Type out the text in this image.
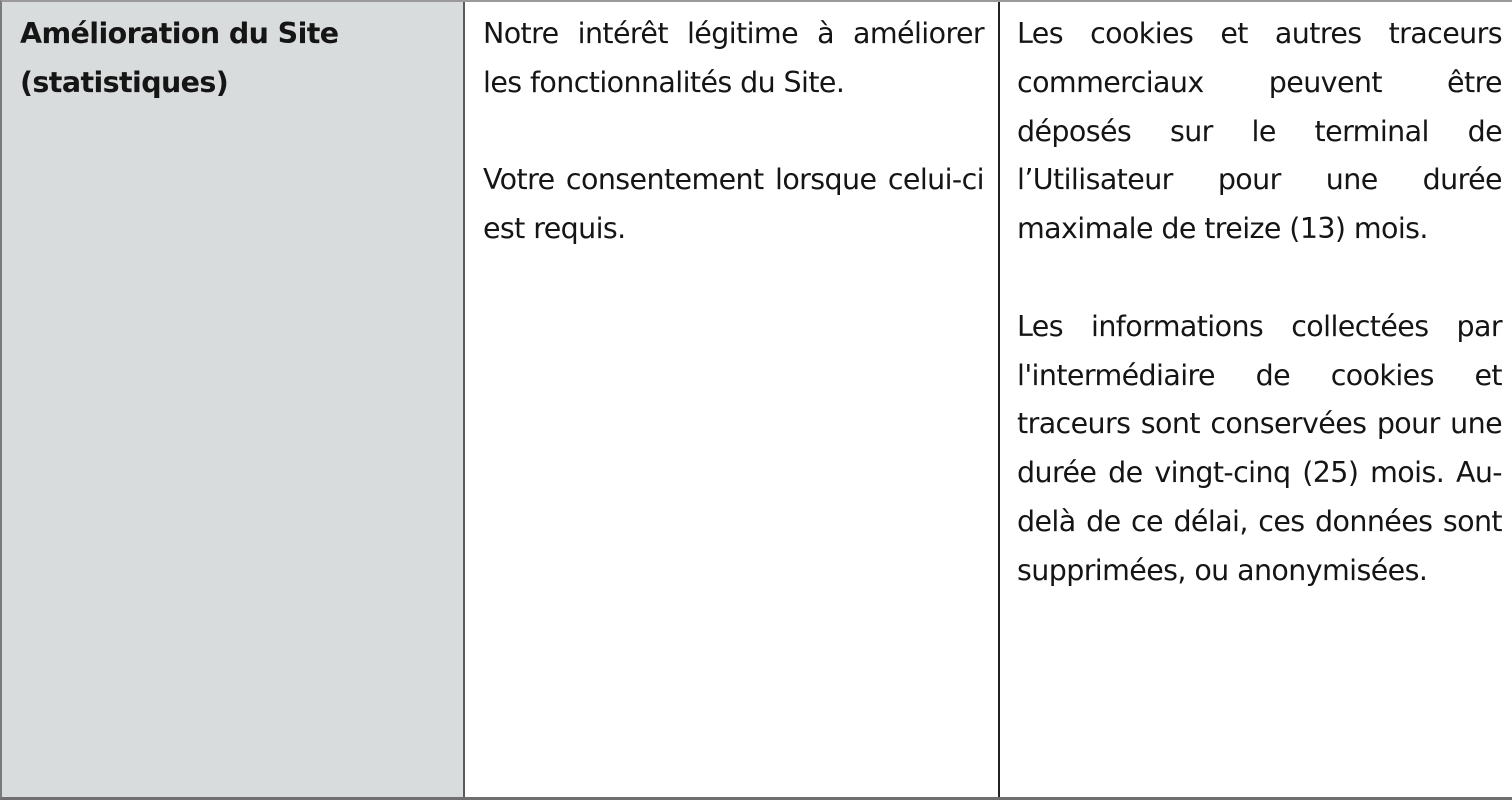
Amélioration du Site (statistiques)

Notre intérêt légitime à améliorer les fonctionnalités du Site.

Votre consentement lorsque celui-ci est requis.

Les cookies et autres traceurs commerciaux peuvent être déposés sur le terminal de l’Utilisateur pour une durée maximale de treize (13) mois.

Les informations collectées par l'intermédiaire de cookies et traceurs sont conservées pour une durée de vingt-cinq (25) mois. Au-delà de ce délai, ces données sont supprimées, ou anonymisées.
